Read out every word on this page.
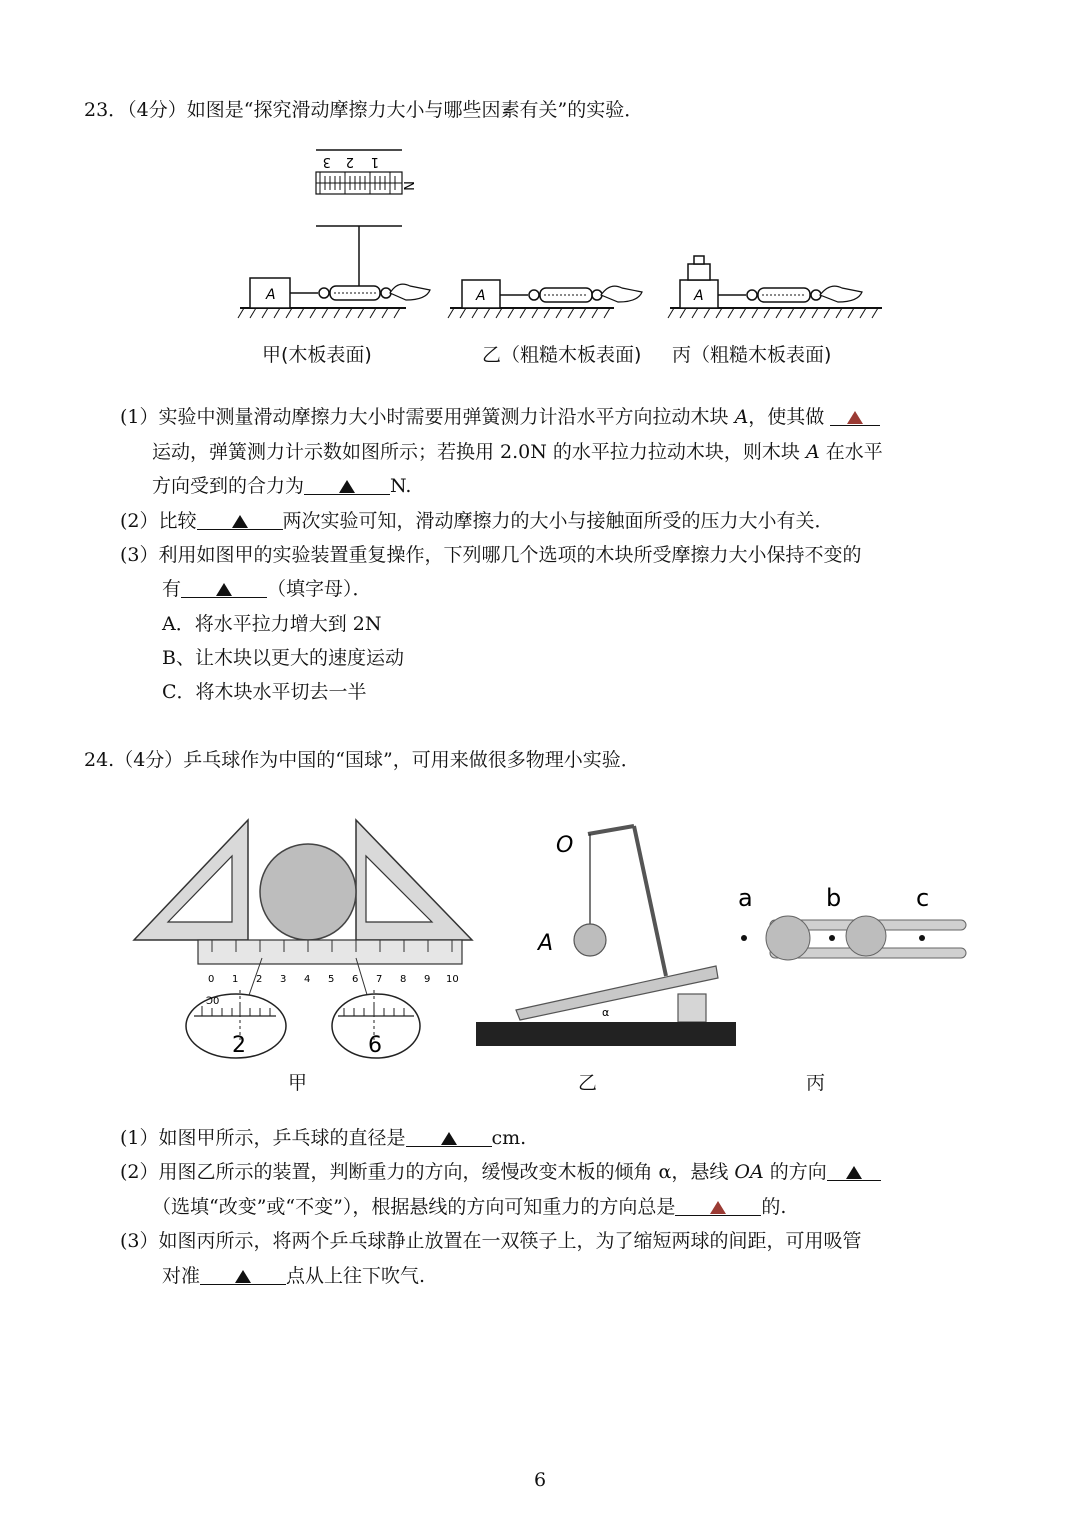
23．（4分）如图是“探究滑动摩擦力大小与哪些因素有关”的实验．
3 2 1
N
A	A	A
甲(木板表面)	乙（粗糙木板表面) 丙（粗糙木板表面)
(1）实验中测量滑动摩擦力大小时需要用弹簧测力计沿水平方向拉动木块 A，使其做
运动，弹簧测力计示数如图所示；若换用 2.0N 的水平拉力拉动木块，则木块 A 在水平
方向受到的合力为	N.
(2）比较	两次实验可知，滑动摩擦力的大小与接触面所受的压力大小有关．
(3）利用如图甲的实验装置重复操作，下列哪几个选项的木块所受摩擦力大小保持不变的
有	（填字母）．
A．将水平拉力增大到 2N
B、让木块以更大的速度运动
C．将木块水平切去一半
24.（4分）乒乓球作为中国的“国球”，可用来做很多物理小实验．
0 1 2 3 4 5 6 7 8 9 10
ꓛ0
2	6
O
A
α
a	b	c
甲	乙	丙
(1）如图甲所示，乒乓球的直径是	cm.
(2）用图乙所示的装置，判断重力的方向，缓慢改变木板的倾角 α，悬线 OA 的方向
（选填“改变”或“不变”），根据悬线的方向可知重力的方向总是	的.
(3）如图丙所示，将两个乒乓球静止放置在一双筷子上，为了缩短两球的间距，可用吸管
对准	点从上往下吹气.
6
